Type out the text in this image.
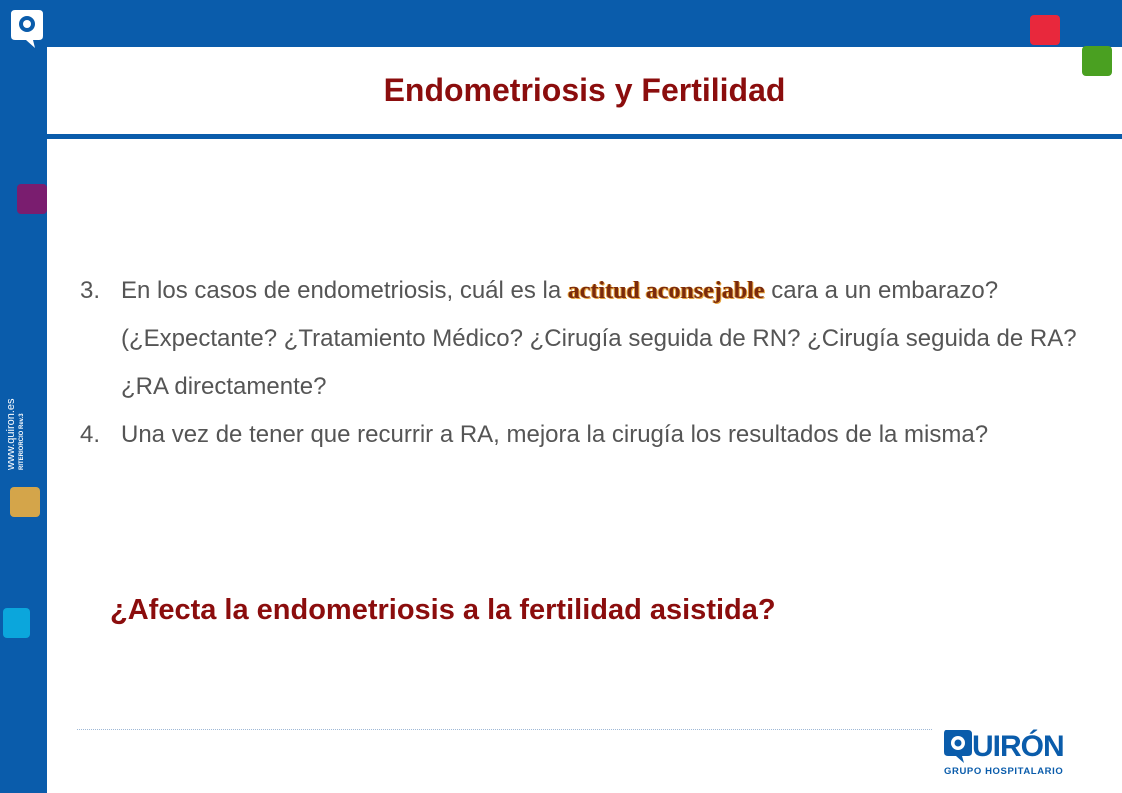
www.quiron.es RITERIORCIO Rev.3
Endometriosis y Fertilidad
3. En los casos de endometriosis, cuál es la actitud aconsejable cara a un embarazo? (¿Expectante? ¿Tratamiento Médico? ¿Cirugía seguida de RN? ¿Cirugía seguida de RA? ¿RA directamente?
4. Una vez de tener que recurrir a RA, mejora la cirugía los resultados de la misma?
¿Afecta la endometriosis a la fertilidad asistida?
UIRÓN
GRUPO HOSPITALARIO
